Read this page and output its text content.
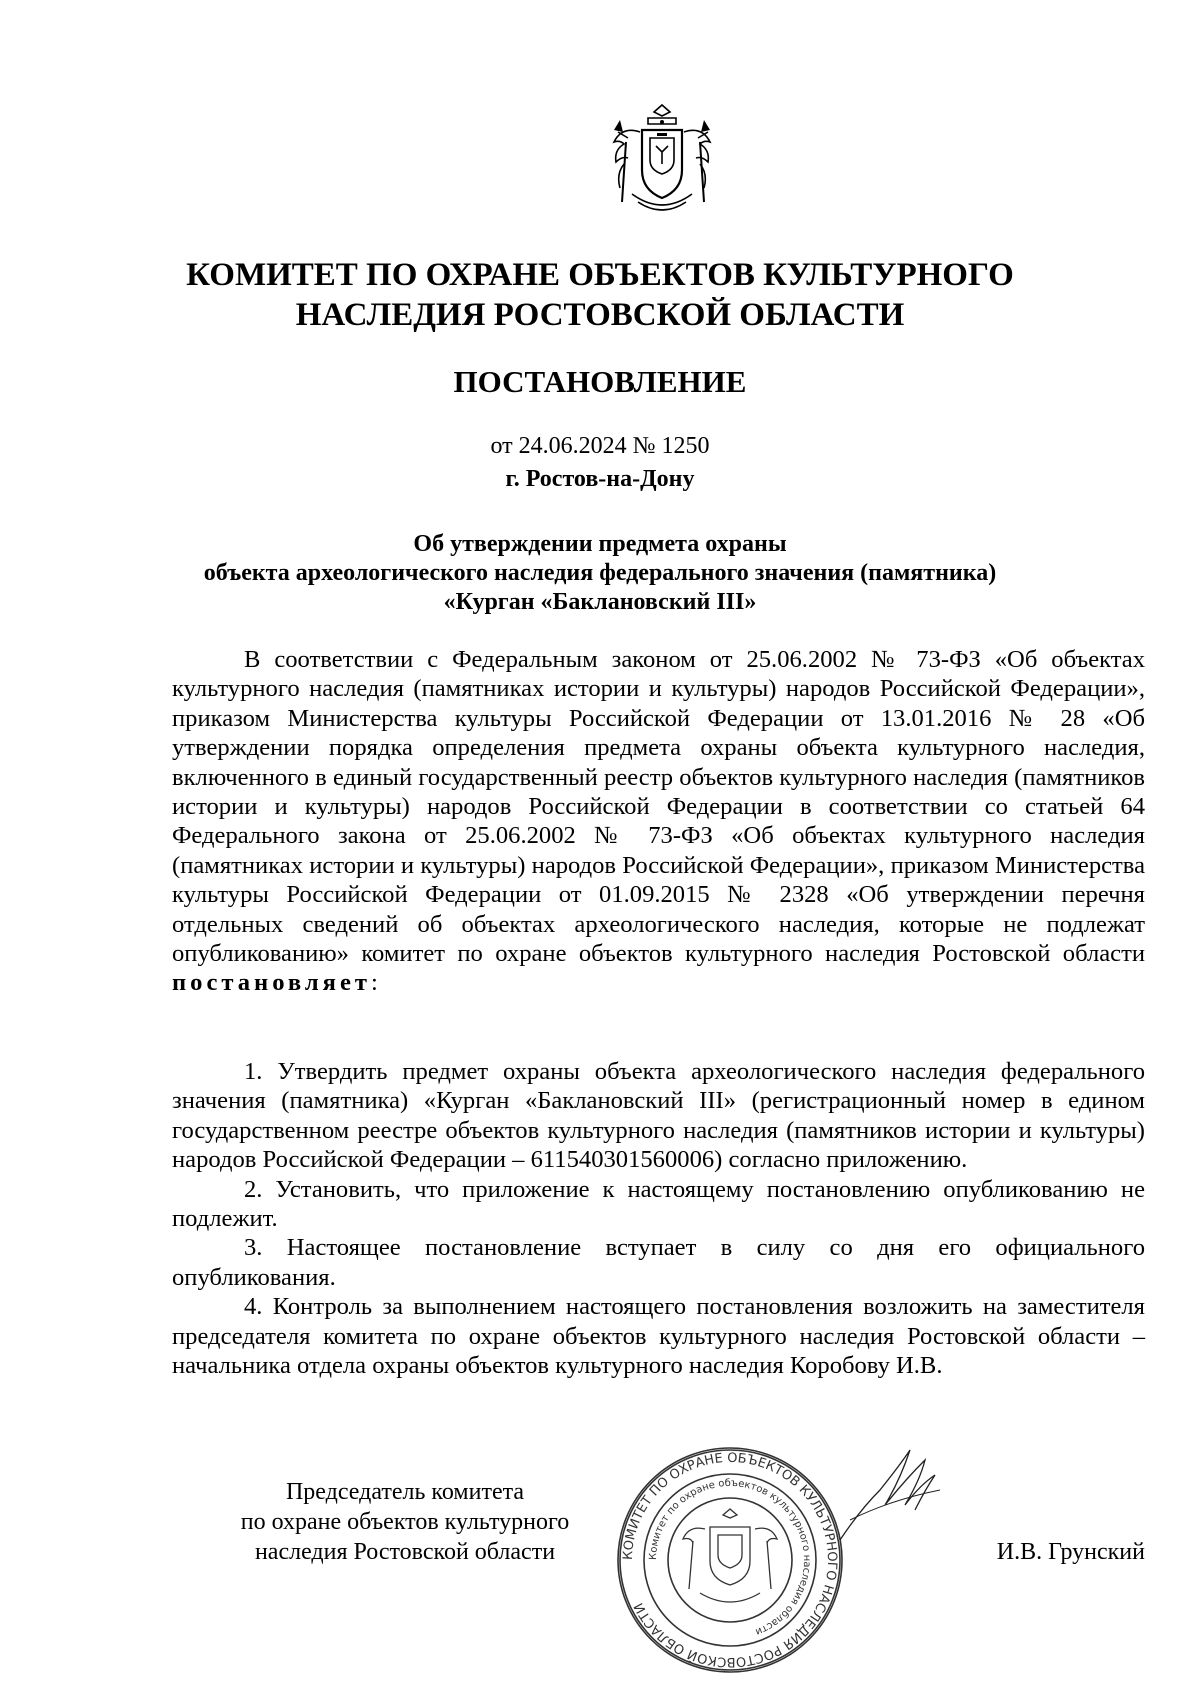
КОМИТЕТ ПО ОХРАНЕ ОБЪЕКТОВ КУЛЬТУРНОГО
НАСЛЕДИЯ РОСТОВСКОЙ ОБЛАСТИ
ПОСТАНОВЛЕНИЕ
от 24.06.2024 № 1250
г. Ростов-на-Дону
Об утверждении предмета охраны
объекта археологического наследия федерального значения (памятника)
«Курган «Баклановский III»

В соответствии с Федеральным законом от 25.06.2002 № 73-ФЗ «Об объектах культурного наследия (памятниках истории и культуры) народов Российской Федерации», приказом Министерства культуры Российской Федерации от 13.01.2016 № 28 «Об утверждении порядка определения предмета охраны объекта культурного наследия, включенного в единый государственный реестр объектов культурного наследия (памятников истории и культуры) народов Российской Федерации в соответствии со статьей 64 Федерального закона от 25.06.2002 № 73-ФЗ «Об объектах культурного наследия (памятниках истории и культуры) народов Российской Федерации», приказом Министерства культуры Российской Федерации от 01.09.2015 № 2328 «Об утверждении перечня отдельных сведений об объектах археологического наследия, которые не подлежат опубликованию» комитет по охране объектов культурного наследия Ростовской области постановляет:

1. Утвердить предмет охраны объекта археологического наследия федерального значения (памятника) «Курган «Баклановский III» (регистрационный номер в едином государственном реестре объектов культурного наследия (памятников истории и культуры) народов Российской Федерации – 611540301560006) согласно приложению.

2. Установить, что приложение к настоящему постановлению опубликованию не подлежит.

3. Настоящее постановление вступает в силу со дня его официального опубликования.

4. Контроль за выполнением настоящего постановления возложить на заместителя председателя комитета по охране объектов культурного наследия Ростовской области – начальника отдела охраны объектов культурного наследия Коробову И.В.

Председатель комитета
по охране объектов культурного
наследия Ростовской области	КОМИТЕТ ПО ОХРАНЕ ОБЪЕКТОВ КУЛЬТУРНОГО НАСЛЕДИЯ РОСТОВСКОЙ ОБЛАСТИ
Комитет по охране объектов культурного наследия области
И.В. Грунский
